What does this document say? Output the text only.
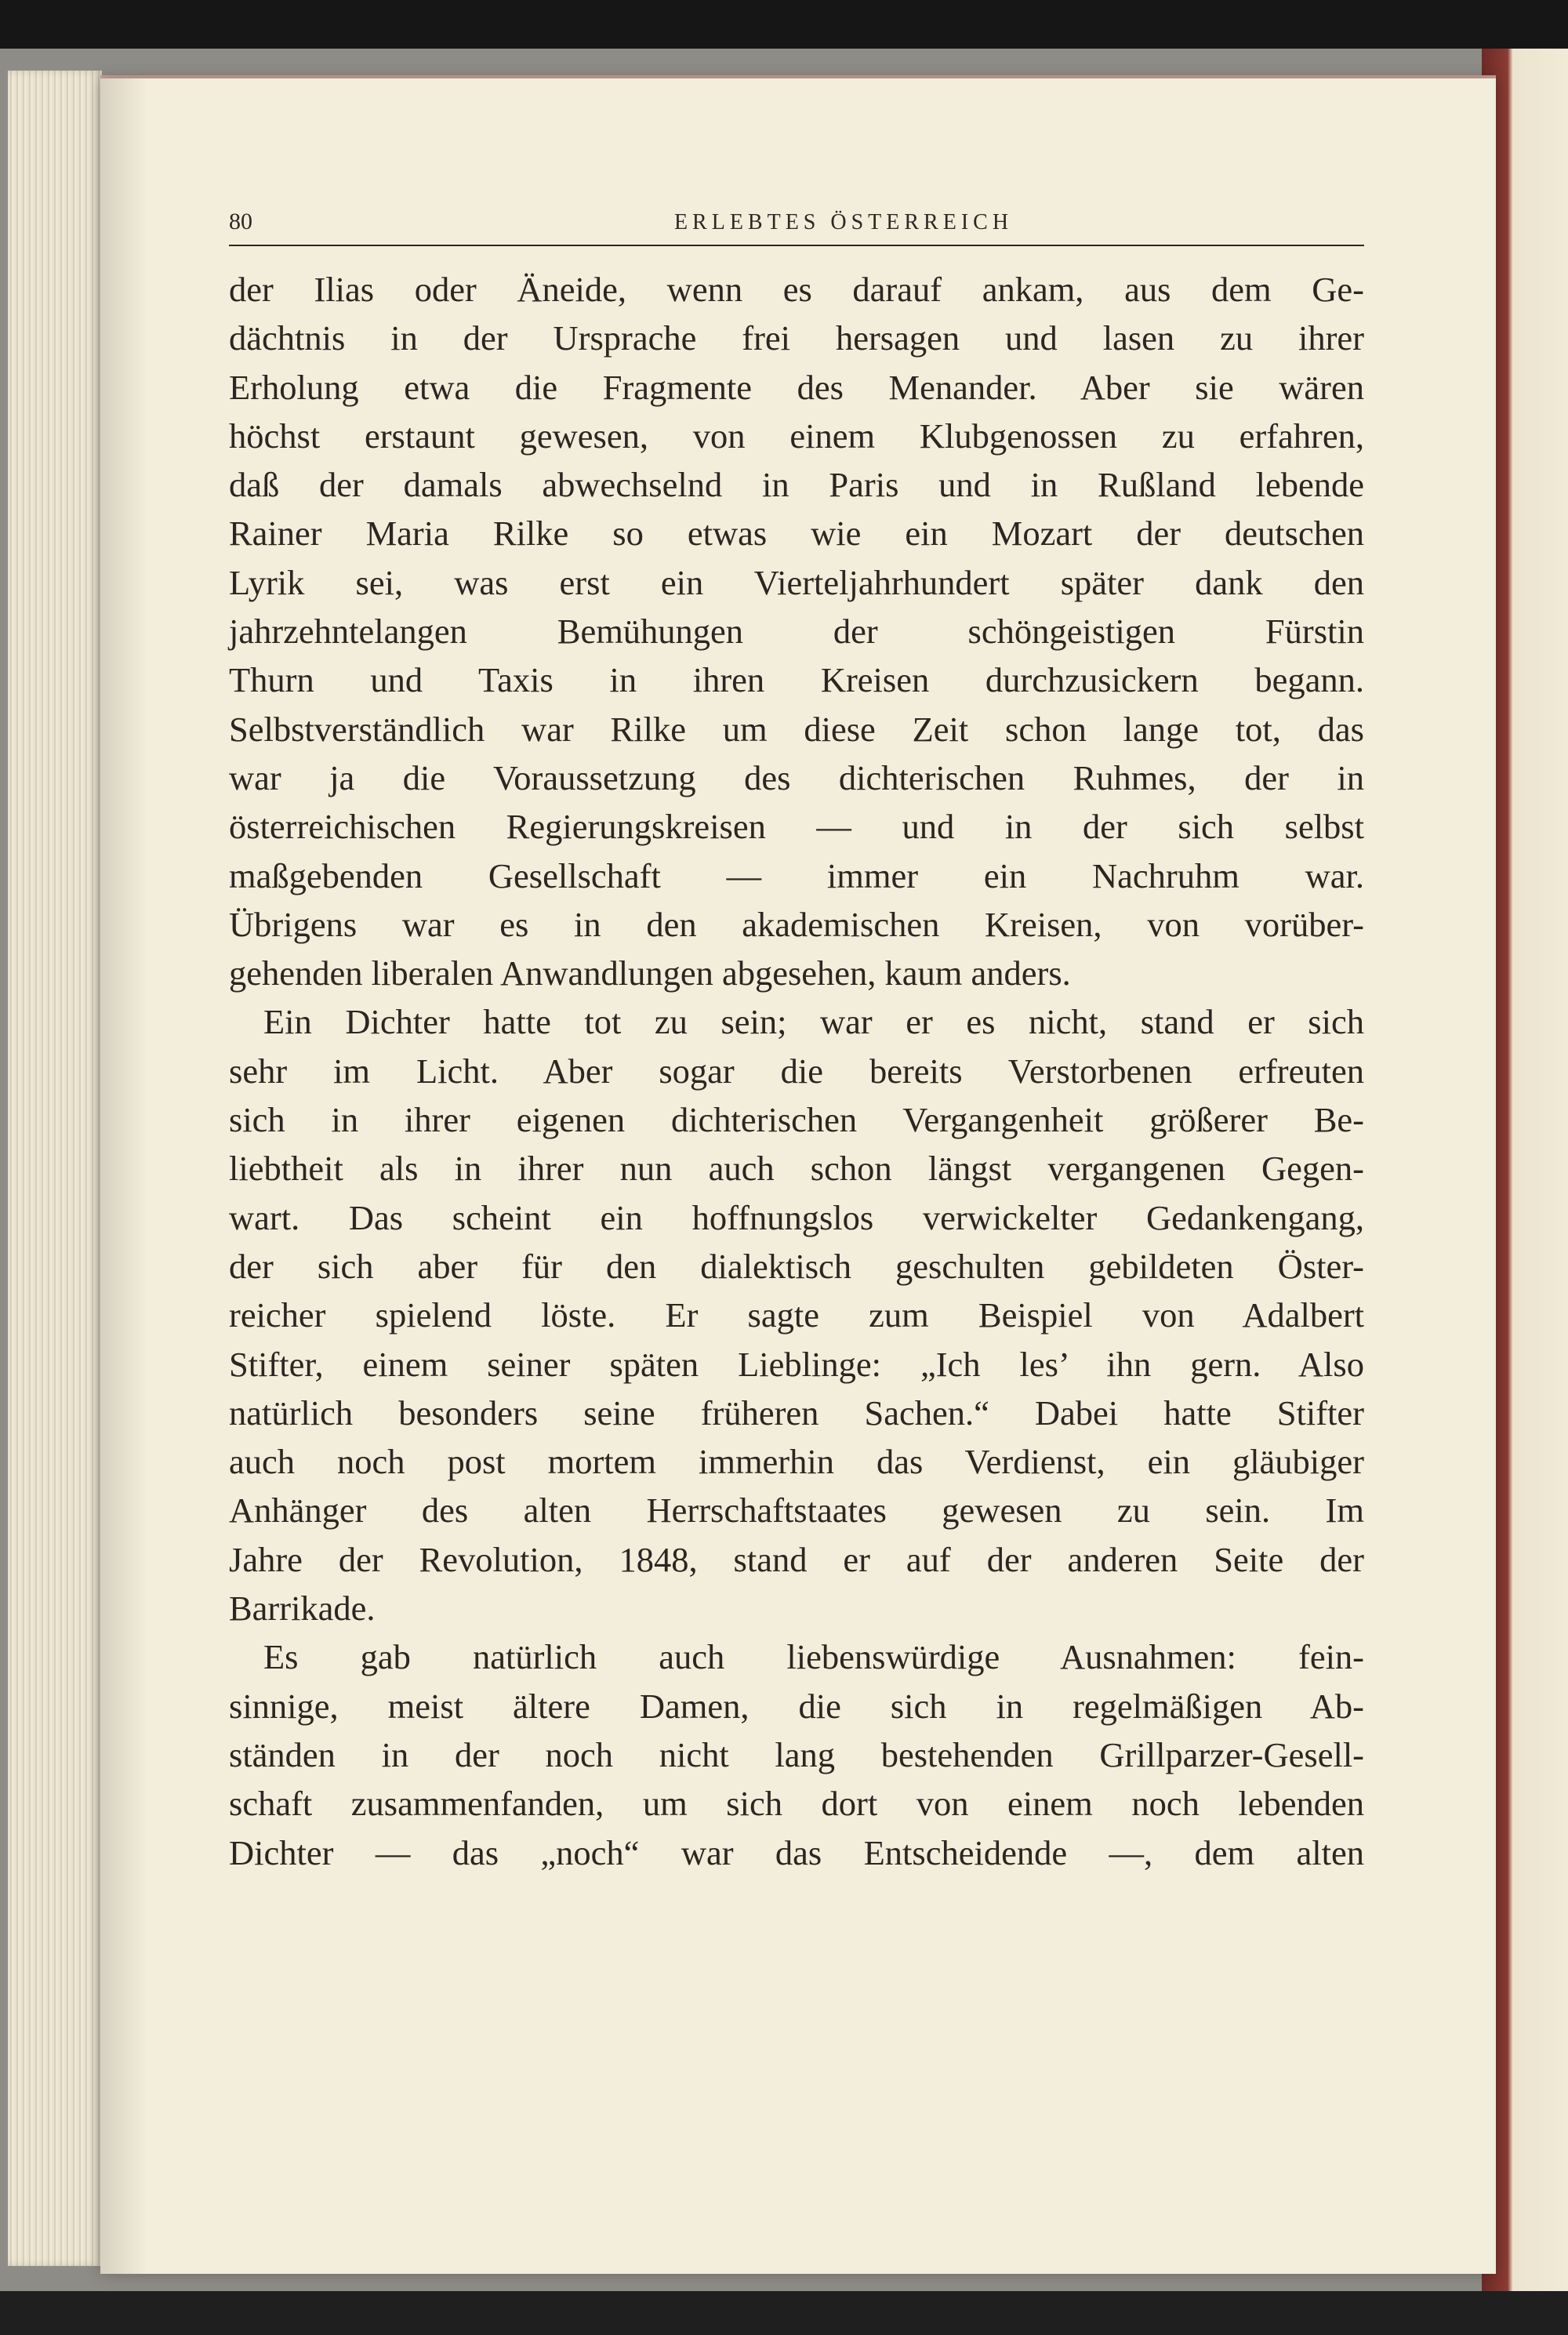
80	ERLEBTES ÖSTERREICH
der Ilias oder Äneide, wenn es darauf ankam, aus dem Ge-
dächtnis in der Ursprache frei hersagen und lasen zu ihrer
Erholung etwa die Fragmente des Menander. Aber sie wären
höchst erstaunt gewesen, von einem Klubgenossen zu erfahren,
daß der damals abwechselnd in Paris und in Rußland lebende
Rainer Maria Rilke so etwas wie ein Mozart der deutschen
Lyrik sei, was erst ein Vierteljahrhundert später dank den
jahrzehntelangen Bemühungen der schöngeistigen Fürstin
Thurn und Taxis in ihren Kreisen durchzusickern begann.
Selbstverständlich war Rilke um diese Zeit schon lange tot, das
war ja die Voraussetzung des dichterischen Ruhmes, der in
österreichischen Regierungskreisen — und in der sich selbst
maßgebenden Gesellschaft — immer ein Nachruhm war.
Übrigens war es in den akademischen Kreisen, von vorüber-
gehenden liberalen Anwandlungen abgesehen, kaum anders.
Ein Dichter hatte tot zu sein; war er es nicht, stand er sich
sehr im Licht. Aber sogar die bereits Verstorbenen erfreuten
sich in ihrer eigenen dichterischen Vergangenheit größerer Be-
liebtheit als in ihrer nun auch schon längst vergangenen Gegen-
wart. Das scheint ein hoffnungslos verwickelter Gedankengang,
der sich aber für den dialektisch geschulten gebildeten Öster-
reicher spielend löste. Er sagte zum Beispiel von Adalbert
Stifter, einem seiner späten Lieblinge: „Ich les’ ihn gern. Also
natürlich besonders seine früheren Sachen.“ Dabei hatte Stifter
auch noch post mortem immerhin das Verdienst, ein gläubiger
Anhänger des alten Herrschaftstaates gewesen zu sein. Im
Jahre der Revolution, 1848, stand er auf der anderen Seite der
Barrikade.
Es gab natürlich auch liebenswürdige Ausnahmen: fein-
sinnige, meist ältere Damen, die sich in regelmäßigen Ab-
ständen in der noch nicht lang bestehenden Grillparzer-Gesell-
schaft zusammenfanden, um sich dort von einem noch lebenden
Dichter — das „noch“ war das Entscheidende —, dem alten
